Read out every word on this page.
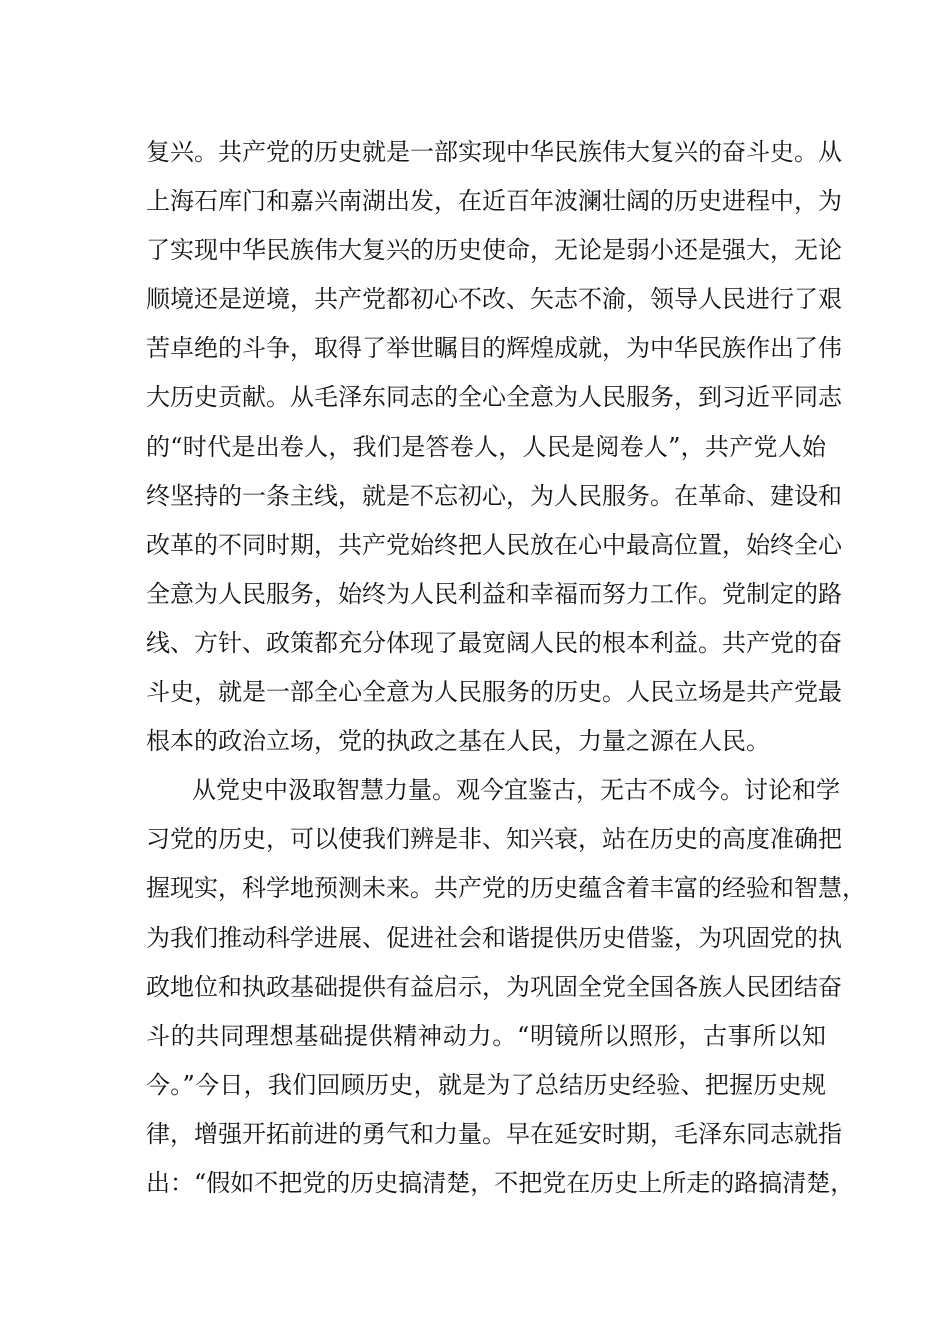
复兴。共产党的历史就是一部实现中华民族伟大复兴的奋斗史。从
上海石库门和嘉兴南湖出发，在近百年波澜壮阔的历史进程中，为
了实现中华民族伟大复兴的历史使命，无论是弱小还是强大，无论
顺境还是逆境，共产党都初心不改、矢志不渝，领导人民进行了艰
苦卓绝的斗争，取得了举世瞩目的辉煌成就，为中华民族作出了伟
大历史贡献。从毛泽东同志的全心全意为人民服务，到习近平同志
的“时代是出卷人，我们是答卷人，人民是阅卷人”，共产党人始
终坚持的一条主线，就是不忘初心，为人民服务。在革命、建设和
改革的不同时期，共产党始终把人民放在心中最高位置，始终全心
全意为人民服务，始终为人民利益和幸福而努力工作。党制定的路
线、方针、政策都充分体现了最宽阔人民的根本利益。共产党的奋
斗史，就是一部全心全意为人民服务的历史。人民立场是共产党最
根本的政治立场，党的执政之基在人民，力量之源在人民。
从党史中汲取智慧力量。观今宜鉴古，无古不成今。讨论和学
习党的历史，可以使我们辨是非、知兴衰，站在历史的高度准确把
握现实，科学地预测未来。共产党的历史蕴含着丰富的经验和智慧，
为我们推动科学进展、促进社会和谐提供历史借鉴，为巩固党的执
政地位和执政基础提供有益启示，为巩固全党全国各族人民团结奋
斗的共同理想基础提供精神动力。“明镜所以照形，古事所以知
今。”今日，我们回顾历史，就是为了总结历史经验、把握历史规
律，增强开拓前进的勇气和力量。早在延安时期，毛泽东同志就指
出：“假如不把党的历史搞清楚，不把党在历史上所走的路搞清楚，
